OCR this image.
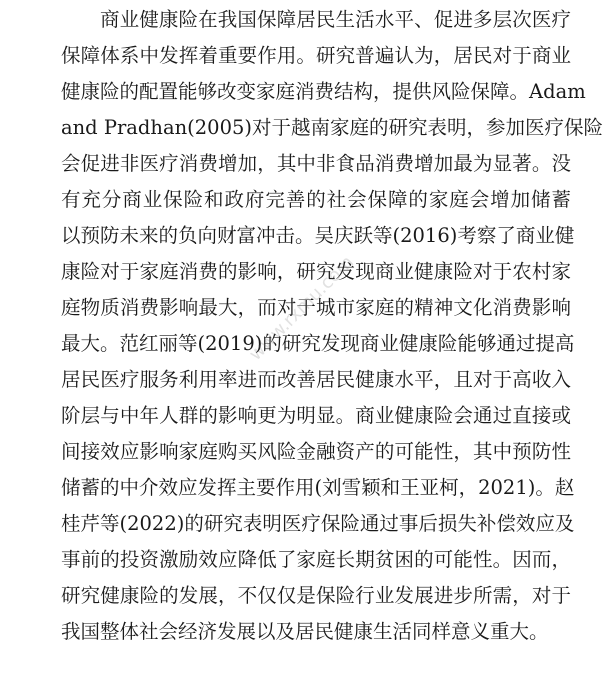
商业健康险在我国保障居民生活水平、促进多层次医疗
保障体系中发挥着重要作用。研究普遍认为，居民对于商业
健康险的配置能够改变家庭消费结构，提供风险保障。Adam
and Pradhan(2005)对于越南家庭的研究表明，参加医疗保险
会促进非医疗消费增加，其中非食品消费增加最为显著。没
有充分商业保险和政府完善的社会保障的家庭会增加储蓄
以预防未来的负向财富冲击。吴庆跃等(2016)考察了商业健
康险对于家庭消费的影响，研究发现商业健康险对于农村家
庭物质消费影响最大，而对于城市家庭的精神文化消费影响
最大。范红丽等(2019)的研究发现商业健康险能够通过提高
居民医疗服务利用率进而改善居民健康水平，且对于高收入
阶层与中年人群的影响更为明显。商业健康险会通过直接或
间接效应影响家庭购买风险金融资产的可能性，其中预防性
储蓄的中介效应发挥主要作用(刘雪颖和王亚柯，2021)。赵
桂芹等(2022)的研究表明医疗保险通过事后损失补偿效应及
事前的投资激励效应降低了家庭长期贫困的可能性。因而，
研究健康险的发展，不仅仅是保险行业发展进步所需，对于
我国整体社会经济发展以及居民健康生活同样意义重大。
www.rxmu.com
